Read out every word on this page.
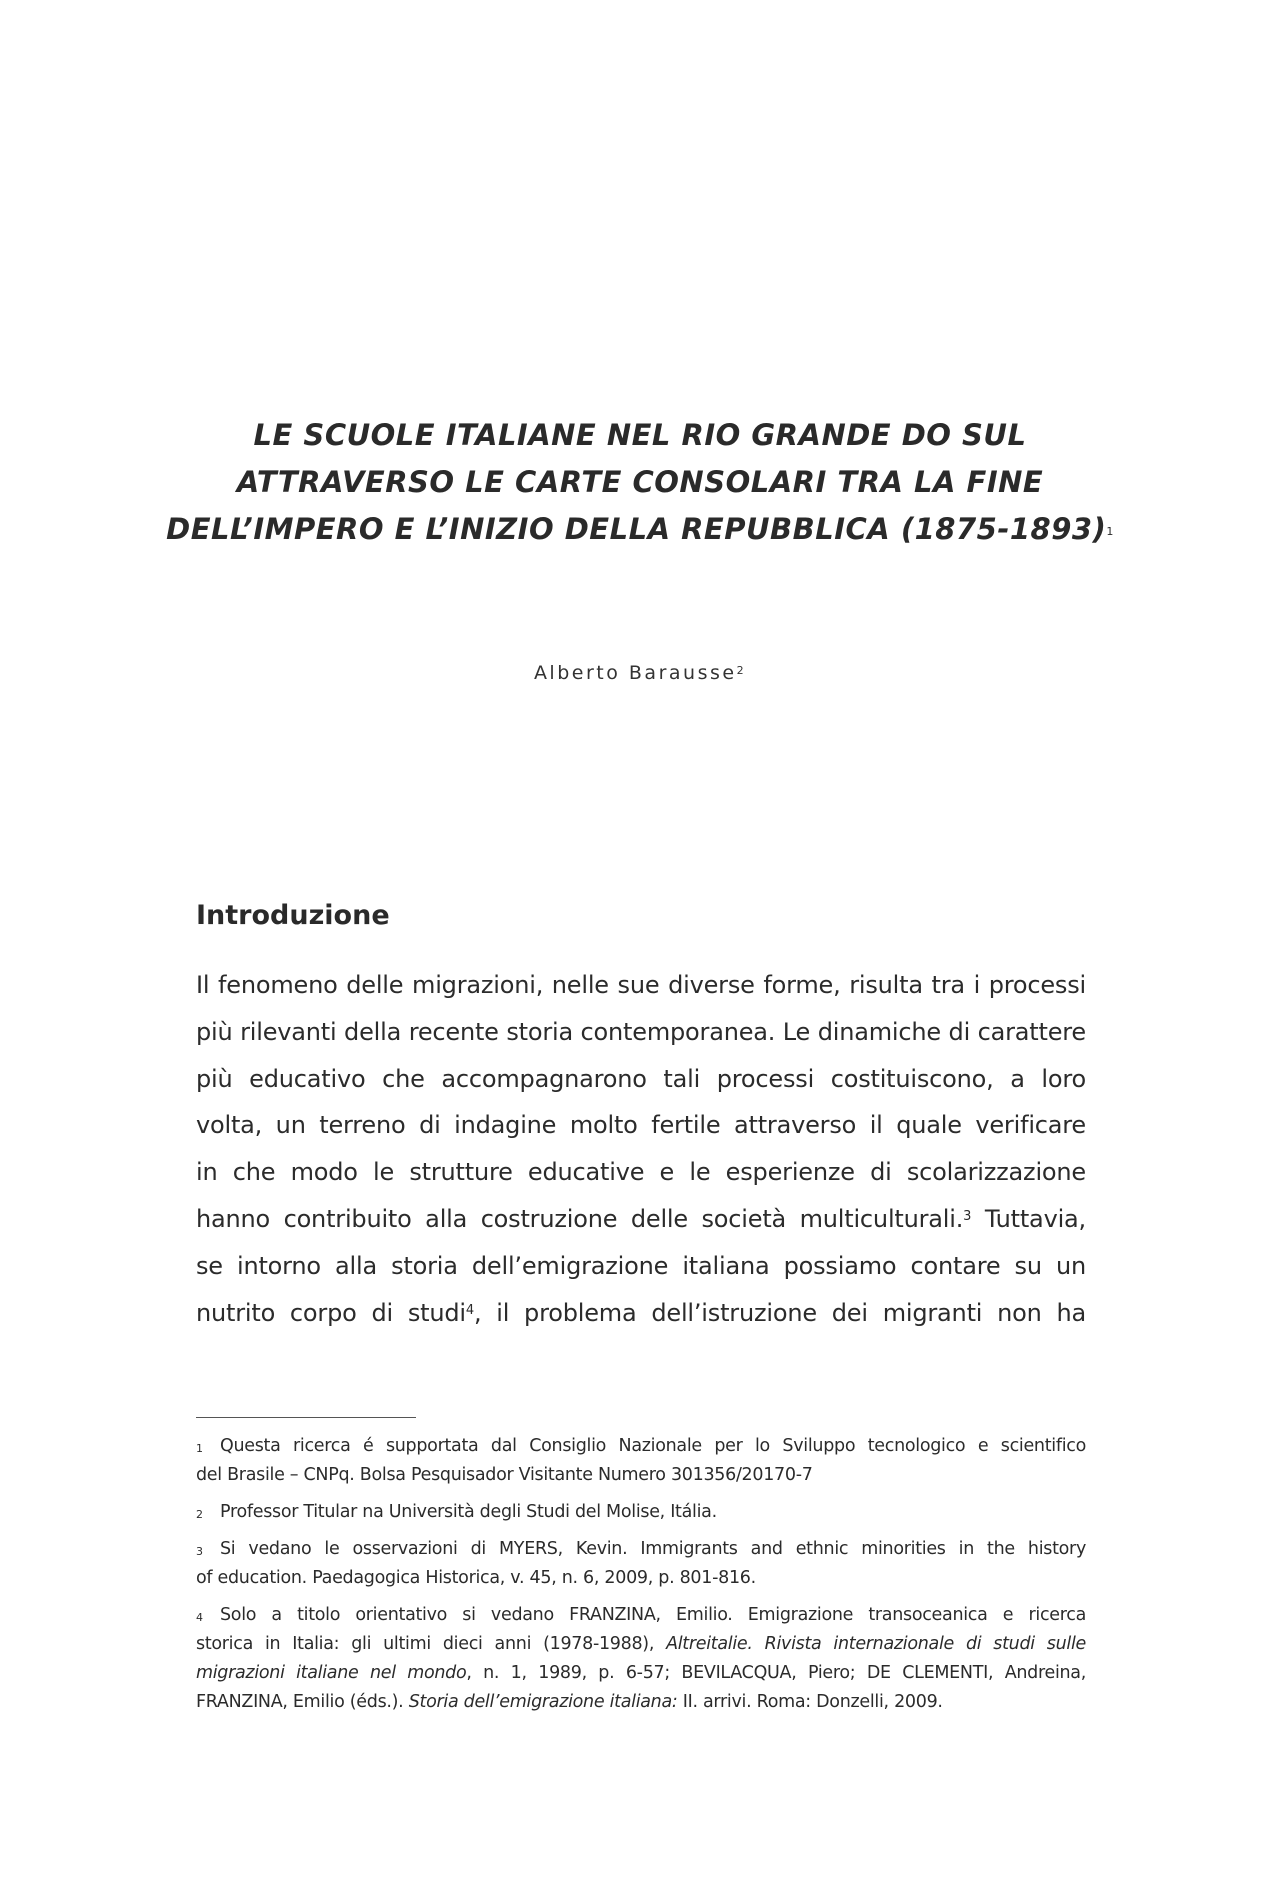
LE SCUOLE ITALIANE NEL RIO GRANDE DO SUL
ATTRAVERSO LE CARTE CONSOLARI TRA LA FINE
DELL’IMPERO E L’INIZIO DELLA REPUBBLICA (1875-1893)$^1$
Alberto Barausse$^2$
Introduzione
Il fenomeno delle migrazioni, nelle sue diverse forme, risulta tra i processi
più rilevanti della recente storia contemporanea. Le dinamiche di carattere
più educativo che accompagnarono tali processi costituiscono, a loro
volta, un terreno di indagine molto fertile attraverso il quale verificare
in che modo le strutture educative e le esperienze di scolarizzazione
hanno contribuito alla costruzione delle società multiculturali.$^3$ Tuttavia,
se intorno alla storia dell’emigrazione italiana possiamo contare su un
nutrito corpo di studi$^4$, il problema dell’istruzione dei migranti non ha
1 Questa ricerca é supportata dal Consiglio Nazionale per lo Sviluppo tecnologico e scientifico
del Brasile – CNPq. Bolsa Pesquisador Visitante Numero 301356/20170-7
2 Professor Titular na Università degli Studi del Molise, Itália.
3 Si vedano le osservazioni di MYERS, Kevin. Immigrants and ethnic minorities in the history
of education. Paedagogica Historica, v. 45, n. 6, 2009, p. 801-816.
4 Solo a titolo orientativo si vedano FRANZINA, Emilio. Emigrazione transoceanica e ricerca
storica in Italia: gli ultimi dieci anni (1978-1988), Altreitalie. Rivista internazionale di studi sulle
migrazioni italiane nel mondo, n. 1, 1989, p. 6-57; BEVILACQUA, Piero; DE CLEMENTI, Andreina,
FRANZINA, Emilio (éds.). Storia dell’emigrazione italiana: II. arrivi. Roma: Donzelli, 2009.
